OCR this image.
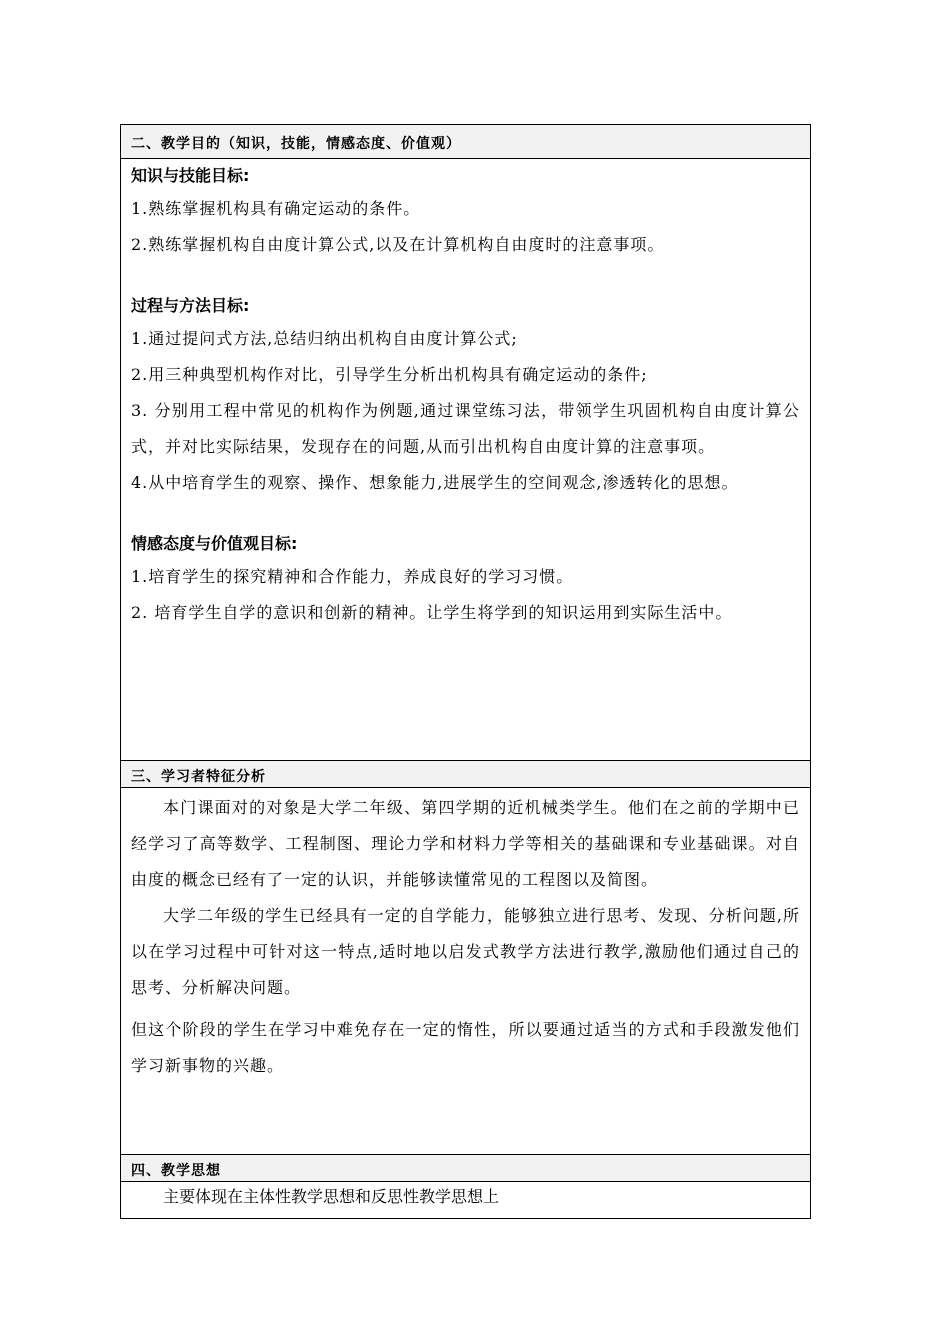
二、教学目的（知识，技能，情感态度、价值观）
知识与技能目标:
1.熟练掌握机构具有确定运动的条件。
2.熟练掌握机构自由度计算公式,以及在计算机构自由度时的注意事项。
过程与方法目标:
1.通过提问式方法,总结归纳出机构自由度计算公式;
2.用三种典型机构作对比，引导学生分析出机构具有确定运动的条件;
3. 分别用工程中常见的机构作为例题,通过课堂练习法，带领学生巩固机构自由度计算公式，并对比实际结果，发现存在的问题,从而引出机构自由度计算的注意事项。
4.从中培育学生的观察、操作、想象能力,进展学生的空间观念,渗透转化的思想。
情感态度与价值观目标:
1.培育学生的探究精神和合作能力，养成良好的学习习惯。
2. 培育学生自学的意识和创新的精神。让学生将学到的知识运用到实际生活中。
三、学习者特征分析
本门课面对的对象是大学二年级、第四学期的近机械类学生。他们在之前的学期中已经学习了高等数学、工程制图、理论力学和材料力学等相关的基础课和专业基础课。对自由度的概念已经有了一定的认识，并能够读懂常见的工程图以及简图。
大学二年级的学生已经具有一定的自学能力，能够独立进行思考、发现、分析问题,所以在学习过程中可针对这一特点,适时地以启发式教学方法进行教学,激励他们通过自己的思考、分析解决问题。
但这个阶段的学生在学习中难免存在一定的惰性，所以要通过适当的方式和手段激发他们学习新事物的兴趣。
四、教学思想
主要体现在主体性教学思想和反思性教学思想上
